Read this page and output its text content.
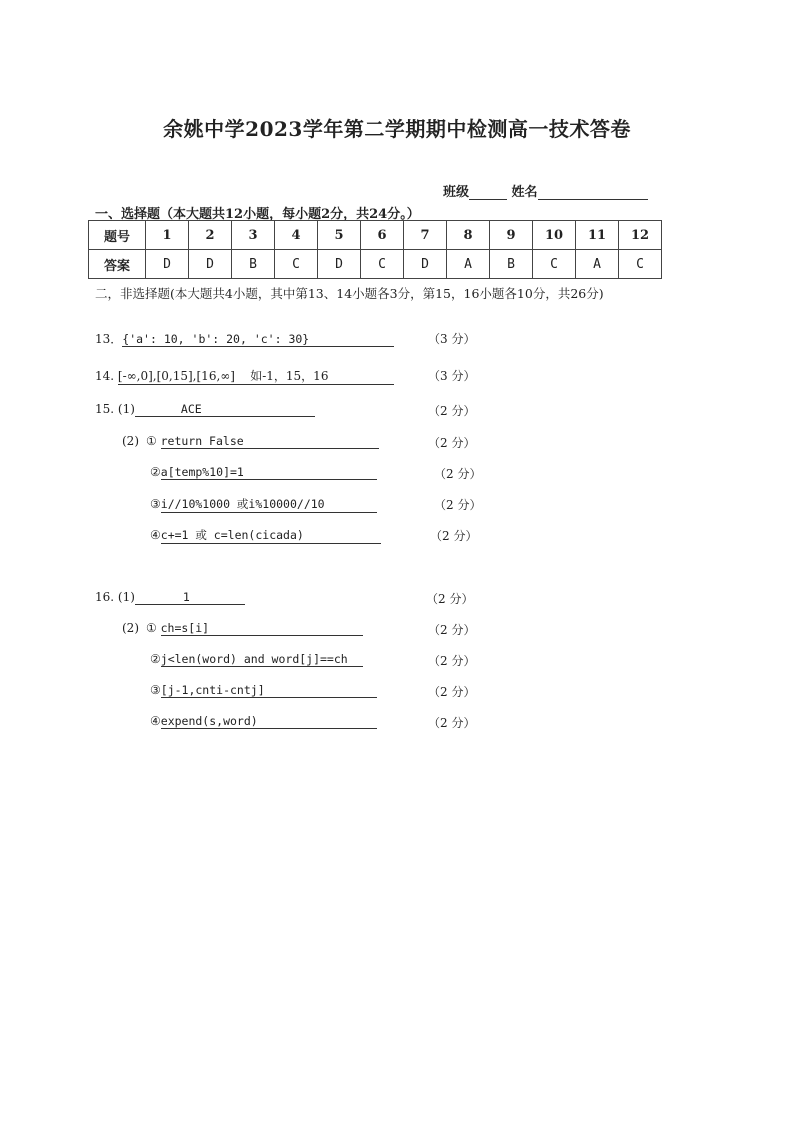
余姚中学2023学年第二学期期中检测高一技术答卷
班级	姓名
一、选择题（本大题共12小题，每小题2分，共24分。）
题号	1	2	3	4	5	6	7	8	9	10	11	12
答案	D	D	B	C	D	C	D	A	B	C	A	C
二，非选择题(本大题共4小题，其中第13、14小题各3分，第15，16小题各10分，共26分)
13．{'a': 10, 'b': 20, 'c': 30}	（3 分）
14. [-∞,0],[0,15],[16,∞] 如-1，15，16	（3 分）
15. (1)	ACE	（2 分）
(2) ① return False	（2 分）
②a[temp%10]=1	（2 分）
③i//10%1000 或i%10000//10	（2 分）
④c+=1 或 c=len(cicada)	（2 分）
16. (1)	1	（2 分）
(2) ① ch=s[i]	（2 分）
②j<len(word) and word[j]==ch	（2 分）
③[j-1,cnti-cntj]	（2 分）
④expend(s,word)	（2 分）
